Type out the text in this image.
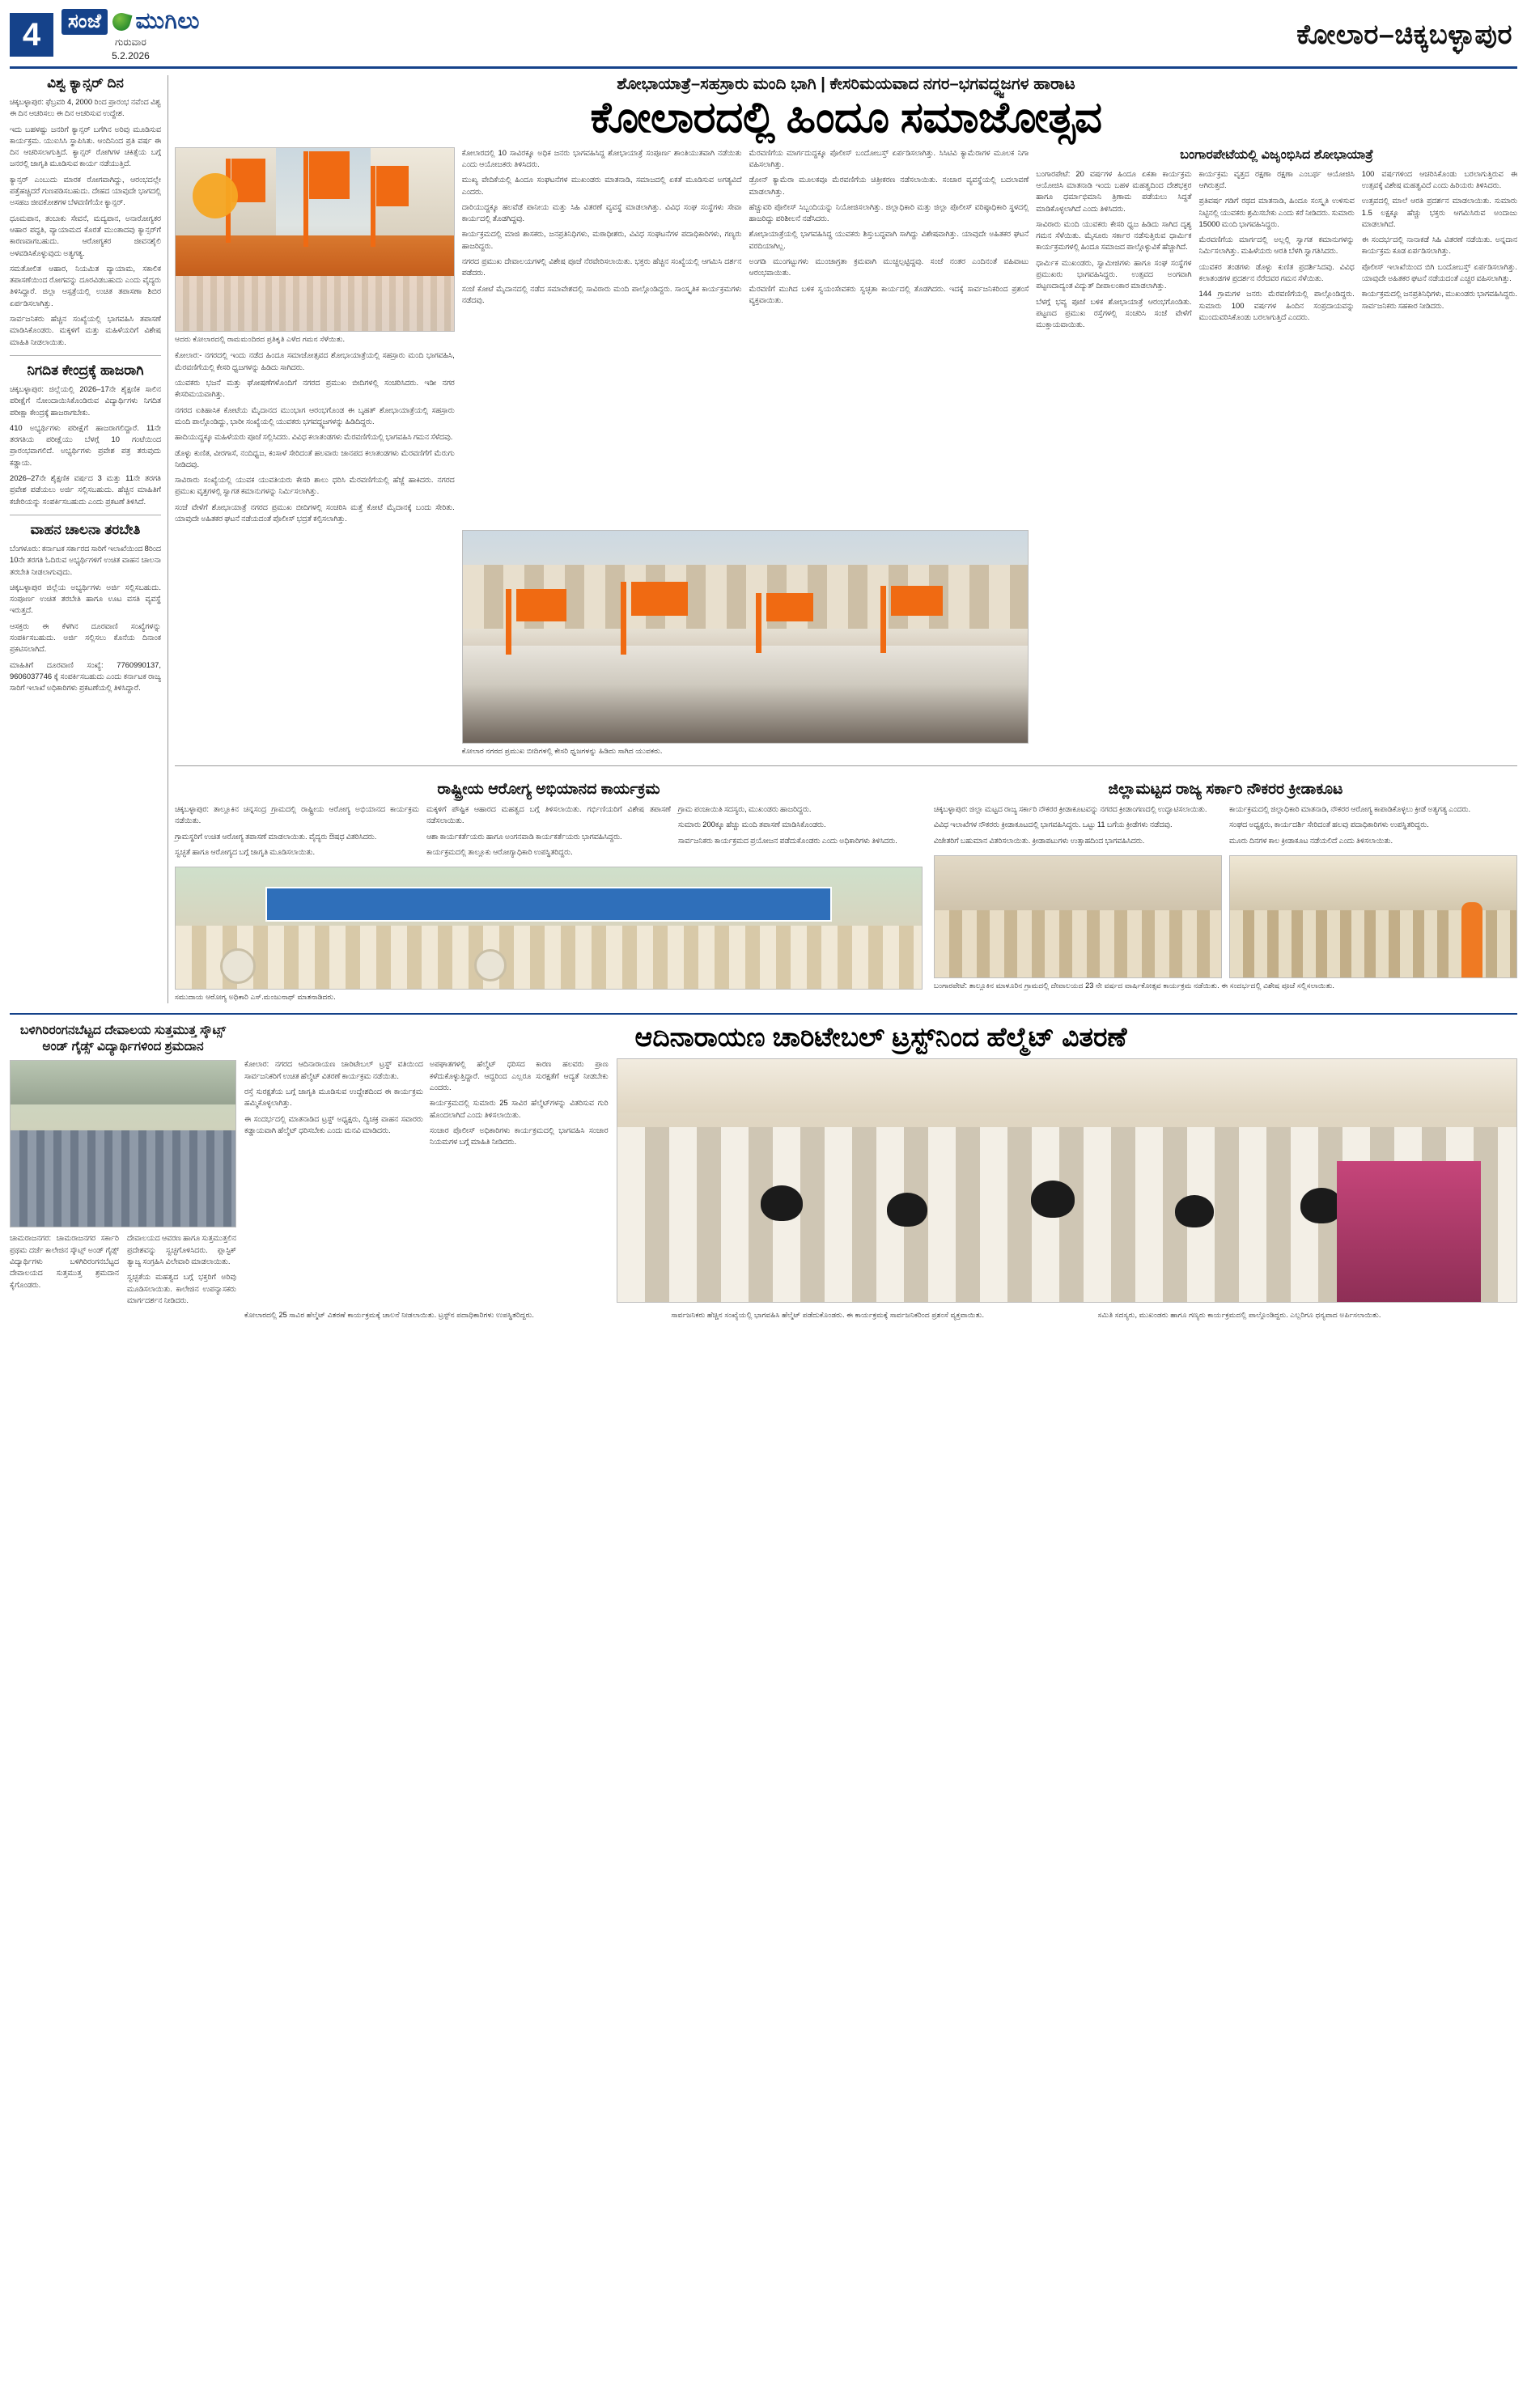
4	ಸಂಜೆ ಮುಗಿಲು
ಗುರುವಾರ
5.2.2026
ಕೋಲಾರ–ಚಿಕ್ಕಬಳ್ಳಾಪುರ
ವಿಶ್ವ ಕ್ಯಾನ್ಸರ್ ದಿನ

ಚಿಕ್ಕಬಳ್ಳಾಪುರ: ಫೆಬ್ರವರಿ 4, 2000 ರಿಂದ ಪ್ರಾರಂಭ ನವೆಂದ ವಿಶ್ವ ಈ ದಿನ ಆಚರಿಸಲು ಈ ದಿನ ಆಚರಿಸುವ ಉದ್ದೇಶ.

ಇದು ಬಹಳಷ್ಟು ಜನರಿಗೆ ಕ್ಯಾನ್ಸರ್ ಬಗೆಗಿನ ಅರಿವು ಮೂಡಿಸುವ ಕಾರ್ಯಕ್ರಮ. ಯುಐಸಿಸಿ ಸ್ಥಾಪಿಸಿತು. ಆಂದಿನಿಂದ ಪ್ರತಿ ವರ್ಷ ಈ ದಿನ ಆಚರಿಸಲಾಗುತ್ತಿದೆ. ಕ್ಯಾನ್ಸರ್ ರೋಗಿಗಳ ಚಿಕಿತ್ಸೆಯ ಬಗ್ಗೆ ಜನರಲ್ಲಿ ಜಾಗೃತಿ ಮೂಡಿಸುವ ಕಾರ್ಯ ನಡೆಯುತ್ತಿದೆ.

ಕ್ಯಾನ್ಸರ್ ಎಂಬುದು ಮಾರಕ ರೋಗವಾಗಿದ್ದು, ಆರಂಭದಲ್ಲೇ ಪತ್ತೆಹಚ್ಚಿದರೆ ಗುಣಪಡಿಸಬಹುದು. ದೇಹದ ಯಾವುದೇ ಭಾಗದಲ್ಲಿ ಅಸಹಜ ಜೀವಕೋಶಗಳ ಬೆಳವಣಿಗೆಯೇ ಕ್ಯಾನ್ಸರ್.

ಧೂಮಪಾನ, ತಂಬಾಕು ಸೇವನೆ, ಮದ್ಯಪಾನ, ಅನಾರೋಗ್ಯಕರ ಆಹಾರ ಪದ್ಧತಿ, ವ್ಯಾಯಾಮದ ಕೊರತೆ ಮುಂತಾದವು ಕ್ಯಾನ್ಸರ್‌ಗೆ ಕಾರಣವಾಗಬಹುದು. ಆರೋಗ್ಯಕರ ಜೀವನಶೈಲಿ ಅಳವಡಿಸಿಕೊಳ್ಳುವುದು ಅತ್ಯಗತ್ಯ.

ಸಮತೋಲಿತ ಆಹಾರ, ನಿಯಮಿತ ವ್ಯಾಯಾಮ, ಸಕಾಲಿಕ ತಪಾಸಣೆಯಿಂದ ರೋಗವನ್ನು ದೂರವಿಡಬಹುದು ಎಂದು ವೈದ್ಯರು ತಿಳಿಸಿದ್ದಾರೆ. ಜಿಲ್ಲಾ ಆಸ್ಪತ್ರೆಯಲ್ಲಿ ಉಚಿತ ತಪಾಸಣಾ ಶಿಬಿರ ಏರ್ಪಡಿಸಲಾಗಿತ್ತು.

ಸಾರ್ವಜನಿಕರು ಹೆಚ್ಚಿನ ಸಂಖ್ಯೆಯಲ್ಲಿ ಭಾಗವಹಿಸಿ ತಪಾಸಣೆ ಮಾಡಿಸಿಕೊಂಡರು. ಮಕ್ಕಳಿಗೆ ಮತ್ತು ಮಹಿಳೆಯರಿಗೆ ವಿಶೇಷ ಮಾಹಿತಿ ನೀಡಲಾಯಿತು.

ನಿಗದಿತ ಕೇಂದ್ರಕ್ಕೆ ಹಾಜರಾಗಿ

ಚಿಕ್ಕಬಳ್ಳಾಪುರ: ಜಿಲ್ಲೆಯಲ್ಲಿ 2026–17ನೇ ಶೈಕ್ಷಣಿಕ ಸಾಲಿನ ಪರೀಕ್ಷೆಗೆ ನೋಂದಾಯಿಸಿಕೊಂಡಿರುವ ವಿದ್ಯಾರ್ಥಿಗಳು ನಿಗದಿತ ಪರೀಕ್ಷಾ ಕೇಂದ್ರಕ್ಕೆ ಹಾಜರಾಗಬೇಕು.

410 ಅಭ್ಯರ್ಥಿಗಳು ಪರೀಕ್ಷೆಗೆ ಹಾಜರಾಗಲಿದ್ದಾರೆ. 11ನೇ ತರಗತಿಯ ಪರೀಕ್ಷೆಯು ಬೆಳಗ್ಗೆ 10 ಗಂಟೆಯಿಂದ ಪ್ರಾರಂಭವಾಗಲಿದೆ. ಅಭ್ಯರ್ಥಿಗಳು ಪ್ರವೇಶ ಪತ್ರ ತರುವುದು ಕಡ್ಡಾಯ.

2026–27ನೇ ಶೈಕ್ಷಣಿಕ ವರ್ಷದ 3 ಮತ್ತು 11ನೇ ತರಗತಿ ಪ್ರವೇಶ ಪಡೆಯಲು ಅರ್ಜಿ ಸಲ್ಲಿಸಬಹುದು. ಹೆಚ್ಚಿನ ಮಾಹಿತಿಗೆ ಕಚೇರಿಯನ್ನು ಸಂಪರ್ಕಿಸಬಹುದು ಎಂದು ಪ್ರಕಟಣೆ ತಿಳಿಸಿದೆ.

ವಾಹನ ಚಾಲನಾ ತರಬೇತಿ

ಬೆಂಗಳೂರು: ಕರ್ನಾಟಕ ಸರ್ಕಾರದ ಸಾರಿಗೆ ಇಲಾಖೆಯಿಂದ 8ರಿಂದ 10ನೇ ತರಗತಿ ಓದಿರುವ ಅಭ್ಯರ್ಥಿಗಳಿಗೆ ಉಚಿತ ವಾಹನ ಚಾಲನಾ ತರಬೇತಿ ನೀಡಲಾಗುವುದು.

ಚಿಕ್ಕಬಳ್ಳಾಪುರ ಜಿಲ್ಲೆಯ ಅಭ್ಯರ್ಥಿಗಳು ಅರ್ಜಿ ಸಲ್ಲಿಸಬಹುದು. ಸಂಪೂರ್ಣ ಉಚಿತ ತರಬೇತಿ ಹಾಗೂ ಊಟ ವಸತಿ ವ್ಯವಸ್ಥೆ ಇರುತ್ತದೆ.

ಆಸಕ್ತರು ಈ ಕೆಳಗಿನ ದೂರವಾಣಿ ಸಂಖ್ಯೆಗಳನ್ನು ಸಂಪರ್ಕಿಸಬಹುದು. ಅರ್ಜಿ ಸಲ್ಲಿಸಲು ಕೊನೆಯ ದಿನಾಂಕ ಪ್ರಕಟಿಸಲಾಗಿದೆ.

ಮಾಹಿತಿಗೆ ದೂರವಾಣಿ ಸಂಖ್ಯೆ: 7760990137, 9606037746 ಕ್ಕೆ ಸಂಪರ್ಕಿಸಬಹುದು ಎಂದು ಕರ್ನಾಟಕ ರಾಜ್ಯ ಸಾರಿಗೆ ಇಲಾಖೆ ಅಧಿಕಾರಿಗಳು ಪ್ರಕಟಣೆಯಲ್ಲಿ ತಿಳಿಸಿದ್ದಾರೆ.

ಶೋಭಾಯಾತ್ರೆ–ಸಹಸ್ರಾರು ಮಂದಿ ಭಾಗಿ | ಕೇಸರಿಮಯವಾದ ನಗರ–ಭಗವದ್ಧ್ವಜಗಳ ಹಾರಾಟ
ಕೋಲಾರದಲ್ಲಿ ಹಿಂದೂ ಸಮಾಜೋತ್ಸವ
ಆದರು ಕೋಲಾರದಲ್ಲಿ ರಾಮಮಂದಿರದ ಪ್ರತಿಕೃತಿ ಎಳೆದ ಗಮನ ಸೆಳೆಯಿತು.

ಕೋಲಾರ:- ನಗರದಲ್ಲಿ ಇಂದು ನಡೆದ ಹಿಂದೂ ಸಮಾಜೋತ್ಸವದ ಶೋಭಾಯಾತ್ರೆಯಲ್ಲಿ ಸಹಸ್ರಾರು ಮಂದಿ ಭಾಗವಹಿಸಿ, ಮೆರವಣಿಗೆಯಲ್ಲಿ ಕೇಸರಿ ಧ್ವಜಗಳನ್ನು ಹಿಡಿದು ಸಾಗಿದರು.

ಯುವಕರು ಭಜನೆ ಮತ್ತು ಘೋಷಣೆಗಳೊಂದಿಗೆ ನಗರದ ಪ್ರಮುಖ ಬೀದಿಗಳಲ್ಲಿ ಸಂಚರಿಸಿದರು. ಇಡೀ ನಗರ ಕೇಸರಿಮಯವಾಗಿತ್ತು.

ನಗರದ ಐತಿಹಾಸಿಕ ಕೋಟೆಯ ಮೈದಾನದ ಮುಂಭಾಗ ಆರಂಭಗೊಂಡ ಈ ಬೃಹತ್ ಶೋಭಾಯಾತ್ರೆಯಲ್ಲಿ ಸಹಸ್ರಾರು ಮಂದಿ ಪಾಲ್ಗೊಂಡಿದ್ದು, ಭಾರೀ ಸಂಖ್ಯೆಯಲ್ಲಿ ಯುವಕರು ಭಗವದ್ಧ್ವಜಗಳನ್ನು ಹಿಡಿದಿದ್ದರು.

ಹಾದಿಯುದ್ದಕ್ಕೂ ಮಹಿಳೆಯರು ಪೂಜೆ ಸಲ್ಲಿಸಿದರು. ವಿವಿಧ ಕಲಾತಂಡಗಳು ಮೆರವಣಿಗೆಯಲ್ಲಿ ಭಾಗವಹಿಸಿ ಗಮನ ಸೆಳೆದವು.

ಡೊಳ್ಳು ಕುಣಿತ, ವೀರಗಾಸೆ, ನಂದಿಧ್ವಜ, ಕಂಸಾಳೆ ಸೇರಿದಂತೆ ಹಲವಾರು ಜಾನಪದ ಕಲಾತಂಡಗಳು ಮೆರವಣಿಗೆಗೆ ಮೆರುಗು ನೀಡಿದವು.

ಸಾವಿರಾರು ಸಂಖ್ಯೆಯಲ್ಲಿ ಯುವಕ ಯುವತಿಯರು ಕೇಸರಿ ಶಾಲು ಧರಿಸಿ ಮೆರವಣಿಗೆಯಲ್ಲಿ ಹೆಜ್ಜೆ ಹಾಕಿದರು. ನಗರದ ಪ್ರಮುಖ ವೃತ್ತಗಳಲ್ಲಿ ಸ್ವಾಗತ ಕಮಾನುಗಳನ್ನು ನಿರ್ಮಿಸಲಾಗಿತ್ತು.

ಸಂಜೆ ವೇಳೆಗೆ ಶೋಭಾಯಾತ್ರೆ ನಗರದ ಪ್ರಮುಖ ಬೀದಿಗಳಲ್ಲಿ ಸಂಚರಿಸಿ ಮತ್ತೆ ಕೋಟೆ ಮೈದಾನಕ್ಕೆ ಬಂದು ಸೇರಿತು. ಯಾವುದೇ ಅಹಿತಕರ ಘಟನೆ ನಡೆಯದಂತೆ ಪೊಲೀಸ್ ಭದ್ರತೆ ಕಲ್ಪಿಸಲಾಗಿತ್ತು.

ಕೋಲಾರದಲ್ಲಿ 10 ಸಾವಿರಕ್ಕೂ ಅಧಿಕ ಜನರು ಭಾಗವಹಿಸಿದ್ದ ಶೋಭಾಯಾತ್ರೆ ಸಂಪೂರ್ಣ ಶಾಂತಿಯುತವಾಗಿ ನಡೆಯಿತು ಎಂದು ಆಯೋಜಕರು ತಿಳಿಸಿದರು.

ಮುಖ್ಯ ವೇದಿಕೆಯಲ್ಲಿ ಹಿಂದೂ ಸಂಘಟನೆಗಳ ಮುಖಂಡರು ಮಾತನಾಡಿ, ಸಮಾಜದಲ್ಲಿ ಏಕತೆ ಮೂಡಿಸುವ ಅಗತ್ಯವಿದೆ ಎಂದರು.

ದಾರಿಯುದ್ದಕ್ಕೂ ಹಲವೆಡೆ ಪಾನೀಯ ಮತ್ತು ಸಿಹಿ ವಿತರಣೆ ವ್ಯವಸ್ಥೆ ಮಾಡಲಾಗಿತ್ತು. ವಿವಿಧ ಸಂಘ ಸಂಸ್ಥೆಗಳು ಸೇವಾ ಕಾರ್ಯದಲ್ಲಿ ತೊಡಗಿದ್ದವು.

ಕಾರ್ಯಕ್ರಮದಲ್ಲಿ ಮಾಜಿ ಶಾಸಕರು, ಜನಪ್ರತಿನಿಧಿಗಳು, ಮಠಾಧೀಶರು, ವಿವಿಧ ಸಂಘಟನೆಗಳ ಪದಾಧಿಕಾರಿಗಳು, ಗಣ್ಯರು ಹಾಜರಿದ್ದರು.

ನಗರದ ಪ್ರಮುಖ ದೇವಾಲಯಗಳಲ್ಲಿ ವಿಶೇಷ ಪೂಜೆ ನೆರವೇರಿಸಲಾಯಿತು. ಭಕ್ತರು ಹೆಚ್ಚಿನ ಸಂಖ್ಯೆಯಲ್ಲಿ ಆಗಮಿಸಿ ದರ್ಶನ ಪಡೆದರು.

ಸಂಜೆ ಕೋಟೆ ಮೈದಾನದಲ್ಲಿ ನಡೆದ ಸಮಾವೇಶದಲ್ಲಿ ಸಾವಿರಾರು ಮಂದಿ ಪಾಲ್ಗೊಂಡಿದ್ದರು. ಸಾಂಸ್ಕೃತಿಕ ಕಾರ್ಯಕ್ರಮಗಳು ನಡೆದವು.

ಮೆರವಣಿಗೆಯ ಮಾರ್ಗದುದ್ದಕ್ಕೂ ಪೊಲೀಸ್ ಬಂದೋಬಸ್ತ್ ಏರ್ಪಡಿಸಲಾಗಿತ್ತು. ಸಿಸಿಟಿವಿ ಕ್ಯಾಮೆರಾಗಳ ಮೂಲಕ ನಿಗಾ ವಹಿಸಲಾಗಿತ್ತು.

ಡ್ರೋನ್ ಕ್ಯಾಮೆರಾ ಮೂಲಕವೂ ಮೆರವಣಿಗೆಯ ಚಿತ್ರೀಕರಣ ನಡೆಸಲಾಯಿತು. ಸಂಚಾರ ವ್ಯವಸ್ಥೆಯಲ್ಲಿ ಬದಲಾವಣೆ ಮಾಡಲಾಗಿತ್ತು.

ಹೆಚ್ಚುವರಿ ಪೊಲೀಸ್ ಸಿಬ್ಬಂದಿಯನ್ನು ನಿಯೋಜಿಸಲಾಗಿತ್ತು. ಜಿಲ್ಲಾಧಿಕಾರಿ ಮತ್ತು ಜಿಲ್ಲಾ ಪೊಲೀಸ್ ವರಿಷ್ಠಾಧಿಕಾರಿ ಸ್ಥಳದಲ್ಲಿ ಹಾಜರಿದ್ದು ಪರಿಶೀಲನೆ ನಡೆಸಿದರು.

ಶೋಭಾಯಾತ್ರೆಯಲ್ಲಿ ಭಾಗವಹಿಸಿದ್ದ ಯುವಕರು ಶಿಸ್ತುಬದ್ಧವಾಗಿ ಸಾಗಿದ್ದು ವಿಶೇಷವಾಗಿತ್ತು. ಯಾವುದೇ ಅಹಿತಕರ ಘಟನೆ ವರದಿಯಾಗಿಲ್ಲ.

ಅಂಗಡಿ ಮುಂಗಟ್ಟುಗಳು ಮುಂಜಾಗ್ರತಾ ಕ್ರಮವಾಗಿ ಮುಚ್ಚಲ್ಪಟ್ಟಿದ್ದವು. ಸಂಜೆ ನಂತರ ಎಂದಿನಂತೆ ವಹಿವಾಟು ಆರಂಭವಾಯಿತು.

ಮೆರವಣಿಗೆ ಮುಗಿದ ಬಳಿಕ ಸ್ವಯಂಸೇವಕರು ಸ್ವಚ್ಛತಾ ಕಾರ್ಯದಲ್ಲಿ ತೊಡಗಿದರು. ಇದಕ್ಕೆ ಸಾರ್ವಜನಿಕರಿಂದ ಪ್ರಶಂಸೆ ವ್ಯಕ್ತವಾಯಿತು.

ಬಂಗಾರಪೇಟೆಯಲ್ಲಿ ವಿಜೃಂಭಿಸಿದ ಶೋಭಾಯಾತ್ರೆ

ಬಂಗಾರಪೇಟೆ: 20 ವರ್ಷಗಳ ಹಿಂದೂ ಏಕತಾ ಕಾರ್ಯಕ್ರಮ ಆಯೋಜಿಸಿ ಮಾತನಾಡಿ ಇಂದು ಬಹಳ ಮಹತ್ವದಿಂದ ದೇಶಭಕ್ತರ ಹಾಗೂ ಧರ್ಮಾಭಿಮಾನಿ ತ್ರಿಣಾಮ ಪಡೆಯಲು ಸಿದ್ಧತೆ ಮಾಡಿಕೊಳ್ಳಲಾಗಿದೆ ಎಂದು ತಿಳಿಸಿದರು.

ಸಾವಿರಾರು ಮಂದಿ ಯುವಕರು ಕೇಸರಿ ಧ್ವಜ ಹಿಡಿದು ಸಾಗಿದ ದೃಶ್ಯ ಗಮನ ಸೆಳೆಯಿತು. ಮೈಸೂರು ಸರ್ಕಾರ ನಡೆಸುತ್ತಿರುವ ಧಾರ್ಮಿಕ ಕಾರ್ಯಕ್ರಮಗಳಲ್ಲಿ ಹಿಂದೂ ಸಮಾಜದ ಪಾಲ್ಗೊಳ್ಳುವಿಕೆ ಹೆಚ್ಚಾಗಿದೆ.

ಧಾರ್ಮಿಕ ಮುಖಂಡರು, ಸ್ವಾಮೀಜಿಗಳು ಹಾಗೂ ಸಂಘ ಸಂಸ್ಥೆಗಳ ಪ್ರಮುಖರು ಭಾಗವಹಿಸಿದ್ದರು. ಉತ್ಸವದ ಅಂಗವಾಗಿ ಪಟ್ಟಣದಾದ್ಯಂತ ವಿದ್ಯುತ್ ದೀಪಾಲಂಕಾರ ಮಾಡಲಾಗಿತ್ತು.

ಬೆಳಗ್ಗೆ ಭವ್ಯ ಪೂಜೆ ಬಳಿಕ ಶೋಭಾಯಾತ್ರೆ ಆರಂಭಗೊಂಡಿತು. ಪಟ್ಟಣದ ಪ್ರಮುಖ ರಸ್ತೆಗಳಲ್ಲಿ ಸಂಚರಿಸಿ ಸಂಜೆ ವೇಳೆಗೆ ಮುಕ್ತಾಯವಾಯಿತು.

ಕಾರ್ಯಕ್ರಮ ವೃತ್ತದ ರಕ್ಷಣಾ ರಕ್ಷಣಾ ಎಂಬರ್ಥ ಆಯೋಜಿಸಿ ಆಗಿರುತ್ತದೆ.

ಪ್ರತಿವರ್ಷ ಗಡಿಗೆ ರಥದ ಮಾತನಾಡಿ, ಹಿಂದೂ ಸಂಸ್ಕೃತಿ ಉಳಿಸುವ ನಿಟ್ಟಿನಲ್ಲಿ ಯುವಕರು ಶ್ರಮಿಸಬೇಕು ಎಂದು ಕರೆ ನೀಡಿದರು. ಸುಮಾರು 15000 ಮಂದಿ ಭಾಗವಹಿಸಿದ್ದರು.

ಮೆರವಣಿಗೆಯ ಮಾರ್ಗದಲ್ಲಿ ಅಲ್ಲಲ್ಲಿ ಸ್ವಾಗತ ಕಮಾನುಗಳನ್ನು ನಿರ್ಮಿಸಲಾಗಿತ್ತು. ಮಹಿಳೆಯರು ಆರತಿ ಬೆಳಗಿ ಸ್ವಾಗತಿಸಿದರು.

ಯುವಕರ ತಂಡಗಳು ಡೊಳ್ಳು ಕುಣಿತ ಪ್ರದರ್ಶಿಸಿದವು. ವಿವಿಧ ಕಲಾತಂಡಗಳ ಪ್ರದರ್ಶನ ನೆರೆದವರ ಗಮನ ಸೆಳೆಯಿತು.

144 ಗ್ರಾಮಗಳ ಜನರು ಮೆರವಣಿಗೆಯಲ್ಲಿ ಪಾಲ್ಗೊಂಡಿದ್ದರು. ಸುಮಾರು 100 ವರ್ಷಗಳ ಹಿಂದಿನ ಸಂಪ್ರದಾಯವನ್ನು ಮುಂದುವರಿಸಿಕೊಂಡು ಬರಲಾಗುತ್ತಿದೆ ಎಂದರು.

100 ವರ್ಷಗಳಿಂದ ಆಚರಿಸಿಕೊಂಡು ಬರಲಾಗುತ್ತಿರುವ ಈ ಉತ್ಸವಕ್ಕೆ ವಿಶೇಷ ಮಹತ್ವವಿದೆ ಎಂದು ಹಿರಿಯರು ತಿಳಿಸಿದರು.

ಉತ್ಸವದಲ್ಲಿ ಮಾಲೆ ಆರತಿ ಪ್ರದರ್ಶನ ಮಾಡಲಾಯಿತು. ಸುಮಾರು 1.5 ಲಕ್ಷಕ್ಕೂ ಹೆಚ್ಚು ಭಕ್ತರು ಆಗಮಿಸಿರುವ ಅಂದಾಜು ಮಾಡಲಾಗಿದೆ.

ಈ ಸಂದರ್ಭದಲ್ಲಿ ನಾನಾಕಡೆ ಸಿಹಿ ವಿತರಣೆ ನಡೆಯಿತು. ಅನ್ನದಾನ ಕಾರ್ಯಕ್ರಮ ಕೂಡ ಏರ್ಪಡಿಸಲಾಗಿತ್ತು.

ಪೊಲೀಸ್ ಇಲಾಖೆಯಿಂದ ಬಿಗಿ ಬಂದೋಬಸ್ತ್ ಏರ್ಪಡಿಸಲಾಗಿತ್ತು. ಯಾವುದೇ ಅಹಿತಕರ ಘಟನೆ ನಡೆಯದಂತೆ ಎಚ್ಚರ ವಹಿಸಲಾಗಿತ್ತು.

ಕಾರ್ಯಕ್ರಮದಲ್ಲಿ ಜನಪ್ರತಿನಿಧಿಗಳು, ಮುಖಂಡರು ಭಾಗವಹಿಸಿದ್ದರು. ಸಾರ್ವಜನಿಕರು ಸಹಕಾರ ನೀಡಿದರು.

ಕೋಲಾರ ನಗರದ ಪ್ರಮುಖ ಬೀದಿಗಳಲ್ಲಿ ಕೇಸರಿ ಧ್ವಜಗಳನ್ನು ಹಿಡಿದು ಸಾಗಿದ ಯುವಕರು.
ರಾಷ್ಟ್ರೀಯ ಆರೋಗ್ಯ ಅಭಿಯಾನದ ಕಾರ್ಯಕ್ರಮ

ಚಿಕ್ಕಬಳ್ಳಾಪುರ: ತಾಲ್ಲೂಕಿನ ಚಿನ್ನಸಂದ್ರ ಗ್ರಾಮದಲ್ಲಿ ರಾಷ್ಟ್ರೀಯ ಆರೋಗ್ಯ ಅಭಿಯಾನದ ಕಾರ್ಯಕ್ರಮ ನಡೆಯಿತು.

ಗ್ರಾಮಸ್ಥರಿಗೆ ಉಚಿತ ಆರೋಗ್ಯ ತಪಾಸಣೆ ಮಾಡಲಾಯಿತು. ವೈದ್ಯರು ಔಷಧ ವಿತರಿಸಿದರು.

ಸ್ವಚ್ಛತೆ ಹಾಗೂ ಆರೋಗ್ಯದ ಬಗ್ಗೆ ಜಾಗೃತಿ ಮೂಡಿಸಲಾಯಿತು.

ಮಕ್ಕಳಿಗೆ ಪೌಷ್ಟಿಕ ಆಹಾರದ ಮಹತ್ವದ ಬಗ್ಗೆ ತಿಳಿಸಲಾಯಿತು. ಗರ್ಭಿಣಿಯರಿಗೆ ವಿಶೇಷ ತಪಾಸಣೆ ನಡೆಸಲಾಯಿತು.

ಆಶಾ ಕಾರ್ಯಕರ್ತೆಯರು ಹಾಗೂ ಅಂಗನವಾಡಿ ಕಾರ್ಯಕರ್ತೆಯರು ಭಾಗವಹಿಸಿದ್ದರು.

ಕಾರ್ಯಕ್ರಮದಲ್ಲಿ ತಾಲ್ಲೂಕು ಆರೋಗ್ಯಾಧಿಕಾರಿ ಉಪಸ್ಥಿತರಿದ್ದರು.

ಗ್ರಾಮ ಪಂಚಾಯಿತಿ ಸದಸ್ಯರು, ಮುಖಂಡರು ಹಾಜರಿದ್ದರು.

ಸುಮಾರು 200ಕ್ಕೂ ಹೆಚ್ಚು ಮಂದಿ ತಪಾಸಣೆ ಮಾಡಿಸಿಕೊಂಡರು.

ಸಾರ್ವಜನಿಕರು ಕಾರ್ಯಕ್ರಮದ ಪ್ರಯೋಜನ ಪಡೆದುಕೊಂಡರು ಎಂದು ಅಧಿಕಾರಿಗಳು ತಿಳಿಸಿದರು.

ಸಮುದಾಯ ಆರೋಗ್ಯ ಅಧಿಕಾರಿ ಎಸ್.ಮಂಜುನಾಥ್ ಮಾತನಾಡಿದರು.
ಜಿಲ್ಲಾಮಟ್ಟದ ರಾಜ್ಯ ಸರ್ಕಾರಿ ನೌಕರರ ಕ್ರೀಡಾಕೂಟ

ಚಿಕ್ಕಬಳ್ಳಾಪುರ: ಜಿಲ್ಲಾ ಮಟ್ಟದ ರಾಜ್ಯ ಸರ್ಕಾರಿ ನೌಕರರ ಕ್ರೀಡಾಕೂಟವನ್ನು ನಗರದ ಕ್ರೀಡಾಂಗಣದಲ್ಲಿ ಉದ್ಘಾಟಿಸಲಾಯಿತು.

ವಿವಿಧ ಇಲಾಖೆಗಳ ನೌಕರರು ಕ್ರೀಡಾಕೂಟದಲ್ಲಿ ಭಾಗವಹಿಸಿದ್ದರು. ಒಟ್ಟು 11 ಬಗೆಯ ಕ್ರೀಡೆಗಳು ನಡೆದವು.

ವಿಜೇತರಿಗೆ ಬಹುಮಾನ ವಿತರಿಸಲಾಯಿತು. ಕ್ರೀಡಾಪಟುಗಳು ಉತ್ಸಾಹದಿಂದ ಭಾಗವಹಿಸಿದರು.

ಕಾರ್ಯಕ್ರಮದಲ್ಲಿ ಜಿಲ್ಲಾಧಿಕಾರಿ ಮಾತನಾಡಿ, ನೌಕರರ ಆರೋಗ್ಯ ಕಾಪಾಡಿಕೊಳ್ಳಲು ಕ್ರೀಡೆ ಅತ್ಯಗತ್ಯ ಎಂದರು.

ಸಂಘದ ಅಧ್ಯಕ್ಷರು, ಕಾರ್ಯದರ್ಶಿ ಸೇರಿದಂತೆ ಹಲವು ಪದಾಧಿಕಾರಿಗಳು ಉಪಸ್ಥಿತರಿದ್ದರು.

ಮೂರು ದಿನಗಳ ಕಾಲ ಕ್ರೀಡಾಕೂಟ ನಡೆಯಲಿದೆ ಎಂದು ತಿಳಿಸಲಾಯಿತು.

ಬಂಗಾರಪೇಟೆ: ತಾಲ್ಲೂಕಿನ ಮಾಳೂರಿನ ಗ್ರಾಮದಲ್ಲಿ ದೇವಾಲಯದ 23 ನೇ ವರ್ಷದ ವಾರ್ಷಿಕೋತ್ಸವ ಕಾರ್ಯಕ್ರಮ ನಡೆಯಿತು. ಈ ಸಂದರ್ಭದಲ್ಲಿ ವಿಶೇಷ ಪೂಜೆ ಸಲ್ಲಿಸಲಾಯಿತು.
ಬಳಿಗಿರಿರಂಗನಬೆಟ್ಟದ ದೇವಾಲಯ ಸುತ್ತಮುತ್ತ ಸ್ಕೌಟ್ಸ್ ಅಂಡ್ ಗೈಡ್ಸ್ ವಿದ್ಯಾರ್ಥಿಗಳಿಂದ ಶ್ರಮದಾನ

ಚಾಮರಾಜನಗರ: ಚಾಮರಾಜನಗರ ಸರ್ಕಾರಿ ಪ್ರಥಮ ದರ್ಜೆ ಕಾಲೇಜಿನ ಸ್ಕೌಟ್ಸ್ ಅಂಡ್ ಗೈಡ್ಸ್ ವಿದ್ಯಾರ್ಥಿಗಳು ಬಳಿಗಿರಿರಂಗನಬೆಟ್ಟದ ದೇವಾಲಯದ ಸುತ್ತಮುತ್ತ ಶ್ರಮದಾನ ಕೈಗೊಂಡರು.

ದೇವಾಲಯದ ಆವರಣ ಹಾಗೂ ಸುತ್ತಮುತ್ತಲಿನ ಪ್ರದೇಶವನ್ನು ಸ್ವಚ್ಛಗೊಳಿಸಿದರು. ಪ್ಲಾಸ್ಟಿಕ್ ತ್ಯಾಜ್ಯ ಸಂಗ್ರಹಿಸಿ ವಿಲೇವಾರಿ ಮಾಡಲಾಯಿತು.

ಸ್ವಚ್ಛತೆಯ ಮಹತ್ವದ ಬಗ್ಗೆ ಭಕ್ತರಿಗೆ ಅರಿವು ಮೂಡಿಸಲಾಯಿತು. ಕಾಲೇಜಿನ ಉಪನ್ಯಾಸಕರು ಮಾರ್ಗದರ್ಶನ ನೀಡಿದರು.

ಆದಿನಾರಾಯಣ ಚಾರಿಟೇಬಲ್ ಟ್ರಸ್ಟ್‌ನಿಂದ ಹೆಲ್ಮೆಟ್ ವಿತರಣೆ

ಕೋಲಾರ: ನಗರದ ಆದಿನಾರಾಯಣ ಚಾರಿಟೇಬಲ್ ಟ್ರಸ್ಟ್ ವತಿಯಿಂದ ಸಾರ್ವಜನಿಕರಿಗೆ ಉಚಿತ ಹೆಲ್ಮೆಟ್ ವಿತರಣೆ ಕಾರ್ಯಕ್ರಮ ನಡೆಯಿತು.

ರಸ್ತೆ ಸುರಕ್ಷತೆಯ ಬಗ್ಗೆ ಜಾಗೃತಿ ಮೂಡಿಸುವ ಉದ್ದೇಶದಿಂದ ಈ ಕಾರ್ಯಕ್ರಮ ಹಮ್ಮಿಕೊಳ್ಳಲಾಗಿತ್ತು.

ಈ ಸಂದರ್ಭದಲ್ಲಿ ಮಾತನಾಡಿದ ಟ್ರಸ್ಟ್ ಅಧ್ಯಕ್ಷರು, ದ್ವಿಚಕ್ರ ವಾಹನ ಸವಾರರು ಕಡ್ಡಾಯವಾಗಿ ಹೆಲ್ಮೆಟ್ ಧರಿಸಬೇಕು ಎಂದು ಮನವಿ ಮಾಡಿದರು.

ಅಪಘಾತಗಳಲ್ಲಿ ಹೆಲ್ಮೆಟ್ ಧರಿಸದ ಕಾರಣ ಹಲವರು ಪ್ರಾಣ ಕಳೆದುಕೊಳ್ಳುತ್ತಿದ್ದಾರೆ. ಆದ್ದರಿಂದ ಎಲ್ಲರೂ ಸುರಕ್ಷತೆಗೆ ಆದ್ಯತೆ ನೀಡಬೇಕು ಎಂದರು.

ಕಾರ್ಯಕ್ರಮದಲ್ಲಿ ಸುಮಾರು 25 ಸಾವಿರ ಹೆಲ್ಮೆಟ್‌ಗಳನ್ನು ವಿತರಿಸುವ ಗುರಿ ಹೊಂದಲಾಗಿದೆ ಎಂದು ತಿಳಿಸಲಾಯಿತು.

ಸಂಚಾರ ಪೊಲೀಸ್ ಅಧಿಕಾರಿಗಳು ಕಾರ್ಯಕ್ರಮದಲ್ಲಿ ಭಾಗವಹಿಸಿ ಸಂಚಾರ ನಿಯಮಗಳ ಬಗ್ಗೆ ಮಾಹಿತಿ ನೀಡಿದರು.

ಕೋಲಾರದಲ್ಲಿ 25 ಸಾವಿರ ಹೆಲ್ಮೆಟ್ ವಿತರಣೆ ಕಾರ್ಯಕ್ರಮಕ್ಕೆ ಚಾಲನೆ ನೀಡಲಾಯಿತು. ಟ್ರಸ್ಟ್‌ನ ಪದಾಧಿಕಾರಿಗಳು ಉಪಸ್ಥಿತರಿದ್ದರು.	ಸಾರ್ವಜನಿಕರು ಹೆಚ್ಚಿನ ಸಂಖ್ಯೆಯಲ್ಲಿ ಭಾಗವಹಿಸಿ ಹೆಲ್ಮೆಟ್ ಪಡೆದುಕೊಂಡರು. ಈ ಕಾರ್ಯಕ್ರಮಕ್ಕೆ ಸಾರ್ವಜನಿಕರಿಂದ ಪ್ರಶಂಸೆ ವ್ಯಕ್ತವಾಯಿತು.	ಸಮಿತಿ ಸದಸ್ಯರು, ಮುಖಂಡರು ಹಾಗೂ ಗಣ್ಯರು ಕಾರ್ಯಕ್ರಮದಲ್ಲಿ ಪಾಲ್ಗೊಂಡಿದ್ದರು. ಎಲ್ಲರಿಗೂ ಧನ್ಯವಾದ ಅರ್ಪಿಸಲಾಯಿತು.
